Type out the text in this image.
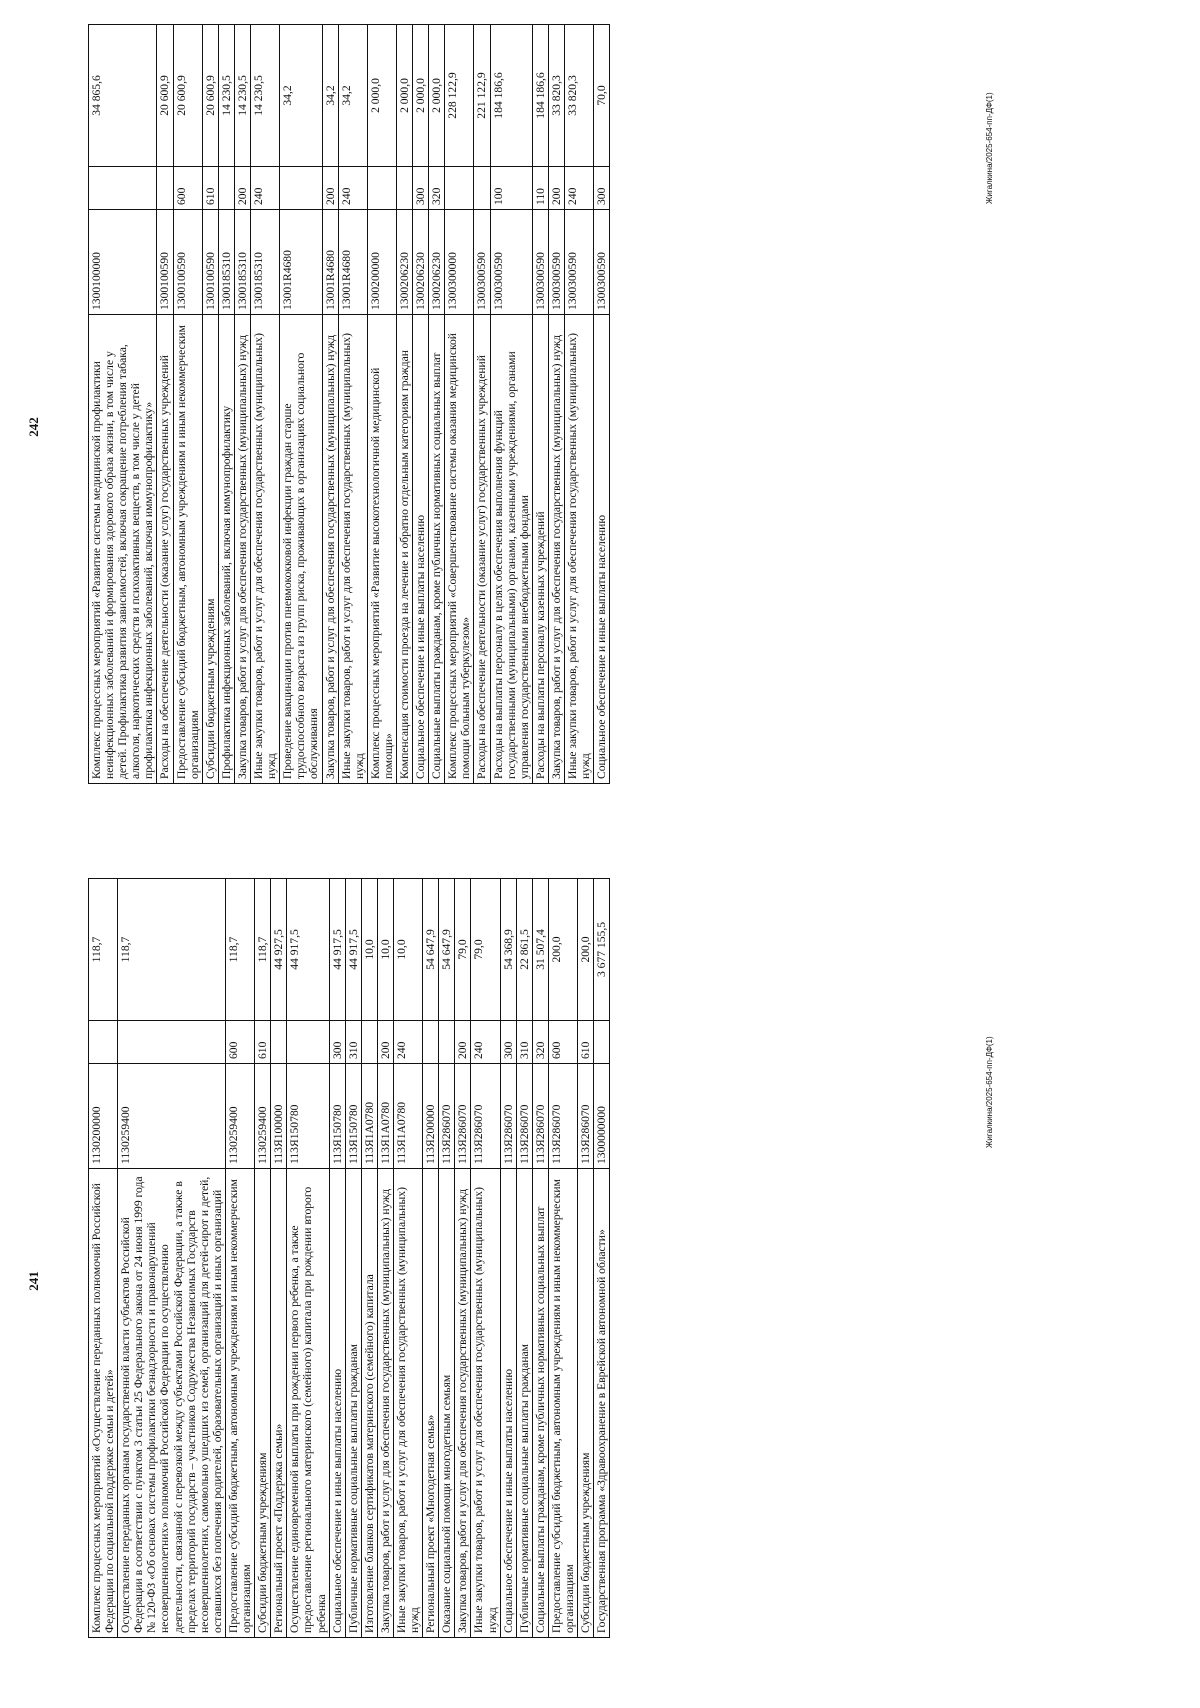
241	Комплекс процессных мероприятий «Осуществление переданных полномочий Российской Федерации по социальной поддержке семьи и детей»	1130200000		118,7
Осуществление переданных органам государственной власти субъектов Российской Федерации в соответствии с пунктом 3 статьи 25 Федерального закона от 24 июня 1999 года № 120-ФЗ «Об основах системы профилактики безнадзорности и правонарушений несовершеннолетних» полномочий Российской Федерации по осуществлению деятельности, связанной с перевозкой между субъектами Российской Федерации, а также в пределах территорий государств – участников Содружества Независимых Государств несовершеннолетних, самовольно ушедших из семей, организаций для детей-сирот и детей, оставшихся без попечения родителей, образовательных организаций и иных организаций	1130259400		118,7
Предоставление субсидий бюджетным, автономным учреждениям и иным некоммерческим организациям	1130259400	600	118,7
Субсидии бюджетным учреждениям	1130259400	610	118,7
Региональный проект «Поддержка семьи»	113Я100000		44 927,5
Осуществление единовременной выплаты при рождении первого ребенка, а также предоставление регионального материнского (семейного) капитала при рождении второго ребенка	113Я150780		44 917,5
Социальное обеспечение и иные выплаты населению	113Я150780	300	44 917,5
Публичные нормативные социальные выплаты гражданам	113Я150780	310	44 917,5
Изготовление бланков сертификатов материнского (семейного) капитала	113Я1А0780		10,0
Закупка товаров, работ и услуг для обеспечения государственных (муниципальных) нужд	113Я1А0780	200	10,0
Иные закупки товаров, работ и услуг для обеспечения государственных (муниципальных) нужд	113Я1А0780	240	10,0
Региональный проект «Многодетная семья»	113Я200000		54 647,9
Оказание социальной помощи многодетным семьям	113Я286070		54 647,9
Закупка товаров, работ и услуг для обеспечения государственных (муниципальных) нужд	113Я286070	200	79,0
Иные закупки товаров, работ и услуг для обеспечения государственных (муниципальных) нужд	113Я286070	240	79,0
Социальное обеспечение и иные выплаты населению	113Я286070	300	54 368,9
Публичные нормативные социальные выплаты гражданам	113Я286070	310	22 861,5
Социальные выплаты гражданам, кроме публичных нормативных социальных выплат	113Я286070	320	31 507,4
Предоставление субсидий бюджетным, автономным учреждениям и иным некоммерческим организациям	113Я286070	600	200,0
Субсидии бюджетным учреждениям	113Я286070	610	200,0
Государственная программа «Здравоохранение в Еврейской автономной области»	1300000000		3 677 155,5
Жигалкина/2025-654-пп-ДФ(1)
242	Комплекс процессных мероприятий «Развитие системы медицинской профилактики неинфекционных заболеваний и формирования здорового образа жизни, в том числе у детей. Профилактика развития зависимостей, включая сокращение потребления табака, алкоголя, наркотических средств и психоактивных веществ, в том числе у детей профилактика инфекционных заболеваний, включая иммунопрофилактику»	1300100000		34 865,6
Расходы на обеспечение деятельности (оказание услуг) государственных учреждений	1300100590		20 600,9
Предоставление субсидий бюджетным, автономным учреждениям и иным некоммерческим организациям	1300100590	600	20 600,9
Субсидии бюджетным учреждениям	1300100590	610	20 600,9
Профилактика инфекционных заболеваний, включая иммунопрофилактику	1300185310		14 230,5
Закупка товаров, работ и услуг для обеспечения государственных (муниципальных) нужд	1300185310	200	14 230,5
Иные закупки товаров, работ и услуг для обеспечения государственных (муниципальных) нужд	1300185310	240	14 230,5
Проведение вакцинации против пневмококковой инфекции граждан старше трудоспособного возраста из групп риска, проживающих в организациях социального обслуживания	13001R4680		34,2
Закупка товаров, работ и услуг для обеспечения государственных (муниципальных) нужд	13001R4680	200	34,2
Иные закупки товаров, работ и услуг для обеспечения государственных (муниципальных) нужд	13001R4680	240	34,2
Комплекс процессных мероприятий «Развитие высокотехнологичной медицинской помощи»	1300200000		2 000,0
Компенсация стоимости проезда на лечение и обратно отдельным категориям граждан	1300206230		2 000,0
Социальное обеспечение и иные выплаты населению	1300206230	300	2 000,0
Социальные выплаты гражданам, кроме публичных нормативных социальных выплат	1300206230	320	2 000,0
Комплекс процессных мероприятий «Совершенствование системы оказания медицинской помощи больным туберкулезом»	1300300000		228 122,9
Расходы на обеспечение деятельности (оказание услуг) государственных учреждений	1300300590		221 122,9
Расходы на выплаты персоналу в целях обеспечения выполнения функций государственными (муниципальными) органами, казенными учреждениями, органами управления государственными внебюджетными фондами	1300300590	100	184 186,6
Расходы на выплаты персоналу казенных учреждений	1300300590	110	184 186,6
Закупка товаров, работ и услуг для обеспечения государственных (муниципальных) нужд	1300300590	200	33 820,3
Иные закупки товаров, работ и услуг для обеспечения государственных (муниципальных) нужд	1300300590	240	33 820,3
Социальное обеспечение и иные выплаты населению	1300300590	300	70,0	Жигалкина/2025-654-пп-ДФ(1)
